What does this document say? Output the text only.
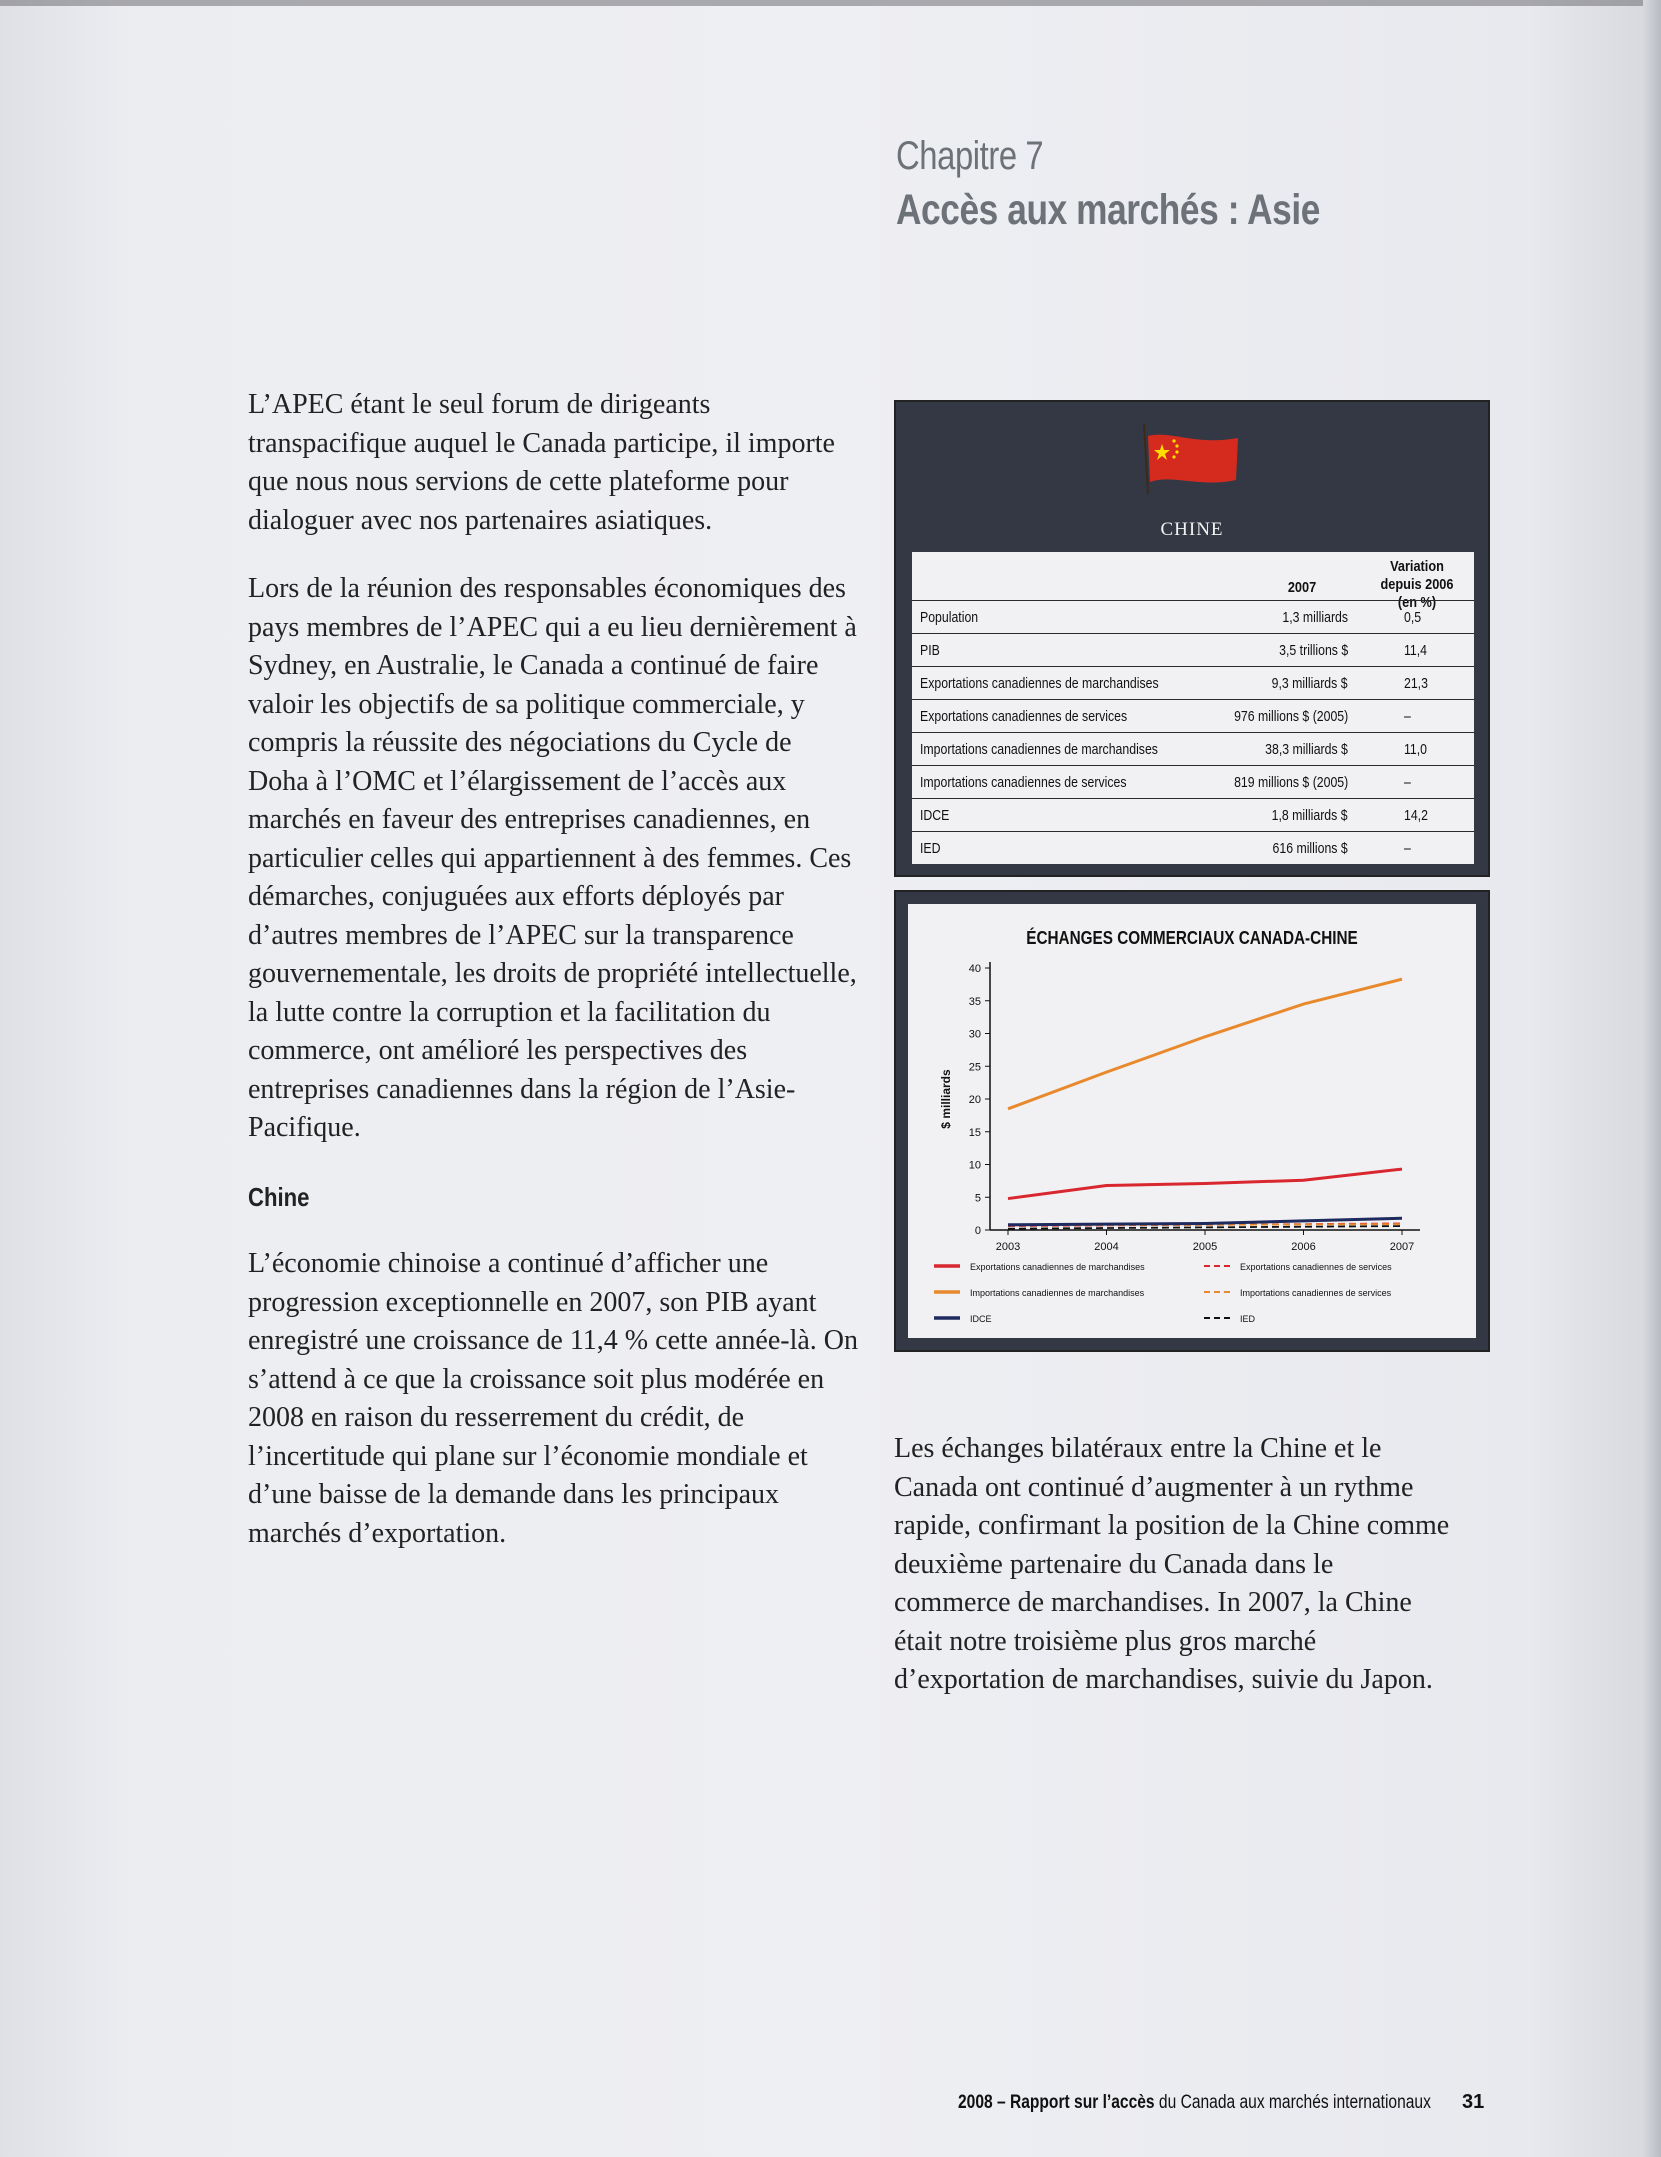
Chapitre 7
Accès aux marchés : Asie

L’APEC étant le seul forum de dirigeants transpacifique auquel le Canada participe, il importe que nous nous servions de cette plateforme pour dialoguer avec nos partenaires asiatiques.

Lors de la réunion des responsables économiques des pays membres de l’APEC qui a eu lieu dernièrement à Sydney, en Australie, le Canada a continué de faire valoir les objectifs de sa politique commerciale, y compris la réussite des négociations du Cycle de Doha à l’OMC et l’élargissement de l’accès aux marchés en faveur des entreprises canadiennes, en particulier celles qui appartiennent à des femmes. Ces démarches, conjuguées aux efforts déployés par d’autres membres de l’APEC sur la transparence gouvernementale, les droits de propriété intellectuelle, la lutte contre la corruption et la facilitation du commerce, ont amélioré les perspectives des entreprises canadiennes dans la région de l’Asie-Pacifique.

Chine

L’économie chinoise a continué d’afficher une progression exceptionnelle en 2007, son PIB ayant enregistré une croissance de 11,4 % cette année-là. On s’attend à ce que la croissance soit plus modérée en 2008 en raison du resserrement du crédit, de l’incertitude qui plane sur l’économie mondiale et d’une baisse de la demande dans les principaux marchés d’exportation.

CHINE
2007
Variation depuis 2006 (en %)
Population	1,3 milliards	0,5
PIB	3,5 trillions $	11,4
Exportations canadiennes de marchandises	9,3 milliards $	21,3
Exportations canadiennes de services	976 millions $ (2005)	–
Importations canadiennes de marchandises	38,3 milliards $	11,0
Importations canadiennes de services	819 millions $ (2005)	–
IDCE	1,8 milliards $	14,2
IED	616 millions $	–
ÉCHANGES COMMERCIAUX CANADA-CHINE
0
5
10
15
20
25
30
35
40
2003	2004	2005	2006	2007
$ milliards
Exportations canadiennes de marchandises	Exportations canadiennes de services
Importations canadiennes de marchandises	Importations canadiennes de services
IDCE	IED

Les échanges bilatéraux entre la Chine et le Canada ont continué d’augmenter à un rythme rapide, confirmant la position de la Chine comme deuxième partenaire du Canada dans le commerce de marchandises. In 2007, la Chine était notre troisième plus gros marché d’exportation de marchandises, suivie du Japon.

2008 – Rapport sur l’accès du Canada aux marchés internationaux 31
